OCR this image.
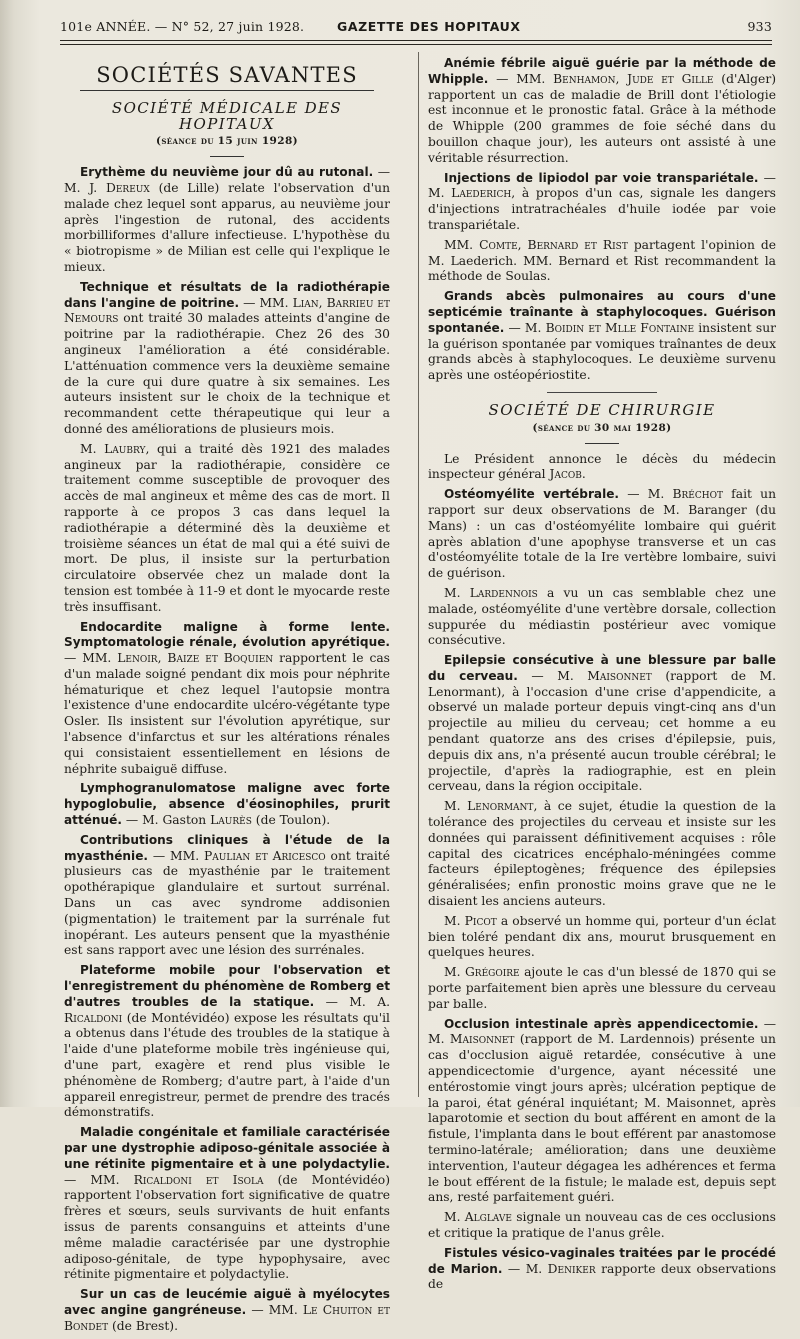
101e ANNÉE. — N° 52, 27 juin 1928.	GAZETTE DES HOPITAUX	933
SOCIÉTÉS SAVANTES
SOCIÉTÉ MÉDICALE DES HOPITAUX
(séance du 15 juin 1928)

Erythème du neuvième jour dû au rutonal. — M. J. Dereux (de Lille) relate l'observation d'un malade chez lequel sont apparus, au neuvième jour après l'ingestion de rutonal, des accidents morbilliformes d'allure infectieuse. L'hypothèse du « biotropisme » de Milian est celle qui l'explique le mieux.

Technique et résultats de la radiothérapie dans l'angine de poitrine. — MM. Lian, Barrieu et Nemours ont traité 30 malades atteints d'angine de poitrine par la radiothérapie. Chez 26 des 30 angineux l'amélioration a été considérable. L'atténuation commence vers la deuxième semaine de la cure qui dure quatre à six semaines. Les auteurs insistent sur le choix de la technique et recommandent cette thérapeutique qui leur a donné des améliorations de plusieurs mois.

M. Laubry, qui a traité dès 1921 des malades angineux par la radiothérapie, considère ce traitement comme susceptible de provoquer des accès de mal angineux et même des cas de mort. Il rapporte à ce propos 3 cas dans lequel la radiothérapie a déterminé dès la deuxième et troisième séances un état de mal qui a été suivi de mort. De plus, il insiste sur la perturbation circulatoire observée chez un malade dont la tension est tombée à 11-9 et dont le myocarde reste très insuffisant.

Endocardite maligne à forme lente. Symptomatologie rénale, évolution apyrétique. — MM. Lenoir, Baize et Boquien rapportent le cas d'un malade soigné pendant dix mois pour néphrite hématurique et chez lequel l'autopsie montra l'existence d'une endocardite ulcéro-végétante type Osler. Ils insistent sur l'évolution apyrétique, sur l'absence d'infarctus et sur les altérations rénales qui consistaient essentiellement en lésions de néphrite subaiguë diffuse.

Lymphogranulomatose maligne avec forte hypoglobulie, absence d'éosinophiles, prurit atténué. — M. Gaston Laurès (de Toulon).

Contributions cliniques à l'étude de la myasthénie. — MM. Paulian et Aricesco ont traité plusieurs cas de myasthénie par le traitement opothérapique glandulaire et surtout surrénal. Dans un cas avec syndrome addisonien (pigmentation) le traitement par la surrénale fut inopérant. Les auteurs pensent que la myasthénie est sans rapport avec une lésion des surrénales.

Plateforme mobile pour l'observation et l'enregistrement du phénomène de Romberg et d'autres troubles de la statique. — M. A. Ricaldoni (de Montévidéo) expose les résultats qu'il a obtenus dans l'étude des troubles de la statique à l'aide d'une plateforme mobile très ingénieuse qui, d'une part, exagère et rend plus visible le phénomène de Romberg; d'autre part, à l'aide d'un appareil enregistreur, permet de prendre des tracés démonstratifs.

Maladie congénitale et familiale caractérisée par une dystrophie adiposo-génitale associée à une rétinite pigmentaire et à une polydactylie. — MM. Ricaldoni et Isola (de Montévidéo) rapportent l'observation fort significative de quatre frères et sœurs, seuls survivants de huit enfants issus de parents consanguins et atteints d'une même maladie caractérisée par une dystrophie adiposo-génitale, de type hypophysaire, avec rétinite pigmentaire et polydactylie.

Sur un cas de leucémie aiguë à myélocytes avec angine gangréneuse. — MM. Le Chuiton et Bondet (de Brest).

Anémie fébrile aiguë guérie par la méthode de Whipple. — MM. Benhamon, Jude et Gille (d'Alger) rapportent un cas de maladie de Brill dont l'étiologie est inconnue et le pronostic fatal. Grâce à la méthode de Whipple (200 grammes de foie séché dans du bouillon chaque jour), les auteurs ont assisté à une véritable résurrection.

Injections de lipiodol par voie transpariétale. — M. Laederich, à propos d'un cas, signale les dangers d'injections intratrachéales d'huile iodée par voie transpariétale.

MM. Comte, Bernard et Rist partagent l'opinion de M. Laederich. MM. Bernard et Rist recommandent la méthode de Soulas.

Grands abcès pulmonaires au cours d'une septicémie traînante à staphylocoques. Guérison spontanée. — M. Boidin et Mlle Fontaine insistent sur la guérison spontanée par vomiques traînantes de deux grands abcès à staphylocoques. Le deuxième survenu après une ostéopériostite.

SOCIÉTÉ DE CHIRURGIE
(séance du 30 mai 1928)

Le Président annonce le décès du médecin inspecteur général Jacob.

Ostéomyélite vertébrale. — M. Bréchot fait un rapport sur deux observations de M. Baranger (du Mans) : un cas d'ostéomyélite lombaire qui guérit après ablation d'une apophyse transverse et un cas d'ostéomyélite totale de la Ire vertèbre lombaire, suivi de guérison.

M. Lardennois a vu un cas semblable chez une malade, ostéomyélite d'une vertèbre dorsale, collection suppurée du médiastin postérieur avec vomique consécutive.

Epilepsie consécutive à une blessure par balle du cerveau. — M. Maisonnet (rapport de M. Lenormant), à l'occasion d'une crise d'appendicite, a observé un malade porteur depuis vingt-cinq ans d'un projectile au milieu du cerveau; cet homme a eu pendant quatorze ans des crises d'épilepsie, puis, depuis dix ans, n'a présenté aucun trouble cérébral; le projectile, d'après la radiographie, est en plein cerveau, dans la région occipitale.

M. Lenormant, à ce sujet, étudie la question de la tolérance des projectiles du cerveau et insiste sur les données qui paraissent définitivement acquises : rôle capital des cicatrices encéphalo-méningées comme facteurs épileptogènes; fréquence des épilepsies généralisées; enfin pronostic moins grave que ne le disaient les anciens auteurs.

M. Picot a observé un homme qui, porteur d'un éclat bien toléré pendant dix ans, mourut brusquement en quelques heures.

M. Grégoire ajoute le cas d'un blessé de 1870 qui se porte parfaitement bien après une blessure du cerveau par balle.

Occlusion intestinale après appendicectomie. — M. Maisonnet (rapport de M. Lardennois) présente un cas d'occlusion aiguë retardée, consécutive à une appendicectomie d'urgence, ayant nécessité une entérostomie vingt jours après; ulcération peptique de la paroi, état général inquiétant; M. Maisonnet, après laparotomie et section du bout afférent en amont de la fistule, l'implanta dans le bout efférent par anastomose termino-latérale; amélioration; dans une deuxième intervention, l'auteur dégagea les adhérences et ferma le bout efférent de la fistule; le malade est, depuis sept ans, resté parfaitement guéri.

M. Alglave signale un nouveau cas de ces occlusions et critique la pratique de l'anus grêle.

Fistules vésico-vaginales traitées par le procédé de Marion. — M. Deniker rapporte deux observations de
